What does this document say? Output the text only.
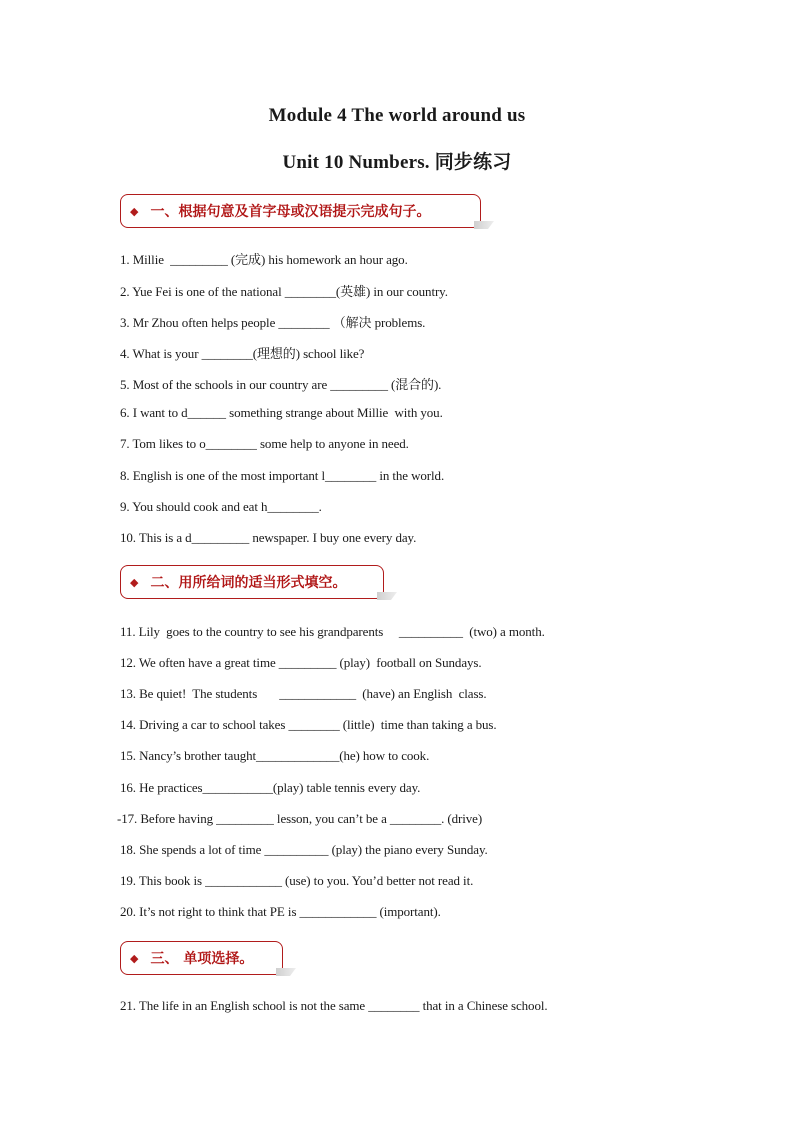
Module 4 The world around us
Unit 10 Numbers. 同步练习
◆ 一、根据句意及首字母或汉语提示完成句子。
1. Millie  _________ (完成) his homework an hour ago.
2. Yue Fei is one of the national ________(英雄) in our country.
3. Mr Zhou often helps people ________ （解决 problems.
4. What is your ________(理想的) school like?
5. Most of the schools in our country are _________ (混合的).
6. I want to d______ something strange about Millie  with you.
7. Tom likes to o________ some help to anyone in need.
8. English is one of the most important l________ in the world.
9. You should cook and eat h________.
10. This is a d_________ newspaper. I buy one every day.
◆ 二、用所给词的适当形式填空。
11. Lily  goes to the country to see his grandparents     __________  (two) a month.
12. We often have a great time _________ (play)  football on Sundays.
13. Be quiet!  The students       ____________  (have) an English  class.
14. Driving a car to school takes ________ (little)  time than taking a bus.
15. Nancy’s brother taught_____________(he) how to cook.
16. He practices___________(play) table tennis every day.
-17. Before having _________ lesson, you can’t be a ________. (drive)
18. She spends a lot of time __________ (play) the piano every Sunday.
19. This book is ____________ (use) to you. You’d better not read it.
20. It’s not right to think that PE is ____________ (important).
◆ 三、 单项选择。
21. The life in an English school is not the same ________ that in a Chinese school.
